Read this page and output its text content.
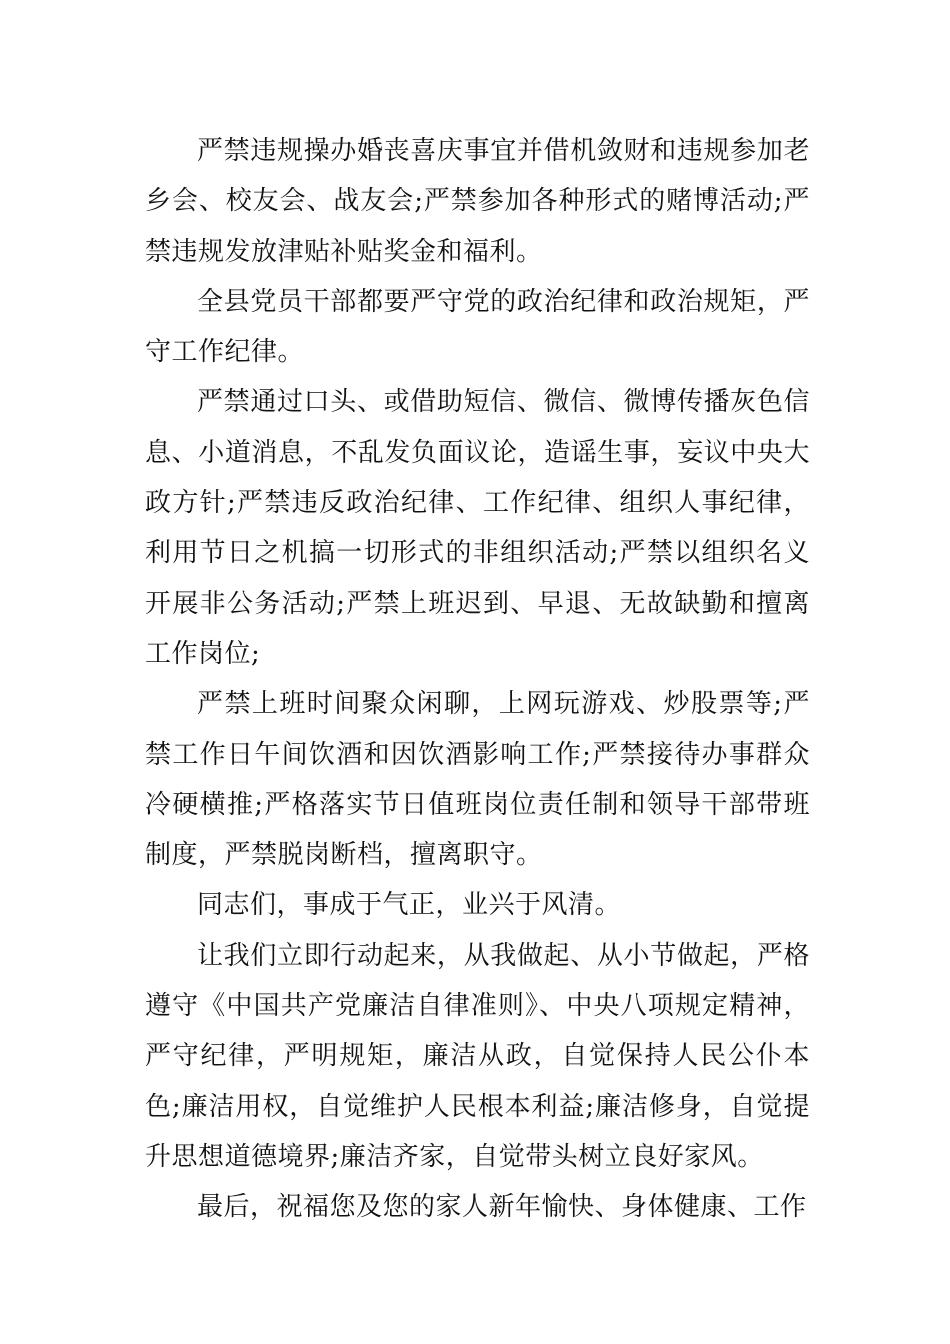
严禁违规操办婚丧喜庆事宜并借机敛财和违规参加老乡会、校友会、战友会;严禁参加各种形式的赌博活动;严禁违规发放津贴补贴奖金和福利。

全县党员干部都要严守党的政治纪律和政治规矩，严守工作纪律。

严禁通过口头、或借助短信、微信、微博传播灰色信息、小道消息，不乱发负面议论，造谣生事，妄议中央大政方针;严禁违反政治纪律、工作纪律、组织人事纪律，利用节日之机搞一切形式的非组织活动;严禁以组织名义开展非公务活动;严禁上班迟到、早退、无故缺勤和擅离工作岗位;

严禁上班时间聚众闲聊，上网玩游戏、炒股票等;严禁工作日午间饮酒和因饮酒影响工作;严禁接待办事群众冷硬横推;严格落实节日值班岗位责任制和领导干部带班制度，严禁脱岗断档，擅离职守。

同志们，事成于气正，业兴于风清。

让我们立即行动起来，从我做起、从小节做起，严格遵守《中国共产党廉洁自律准则》、中央八项规定精神，严守纪律，严明规矩，廉洁从政，自觉保持人民公仆本色;廉洁用权，自觉维护人民根本利益;廉洁修身，自觉提升思想道德境界;廉洁齐家，自觉带头树立良好家风。

最后，祝福您及您的家人新年愉快、身体健康、工作
